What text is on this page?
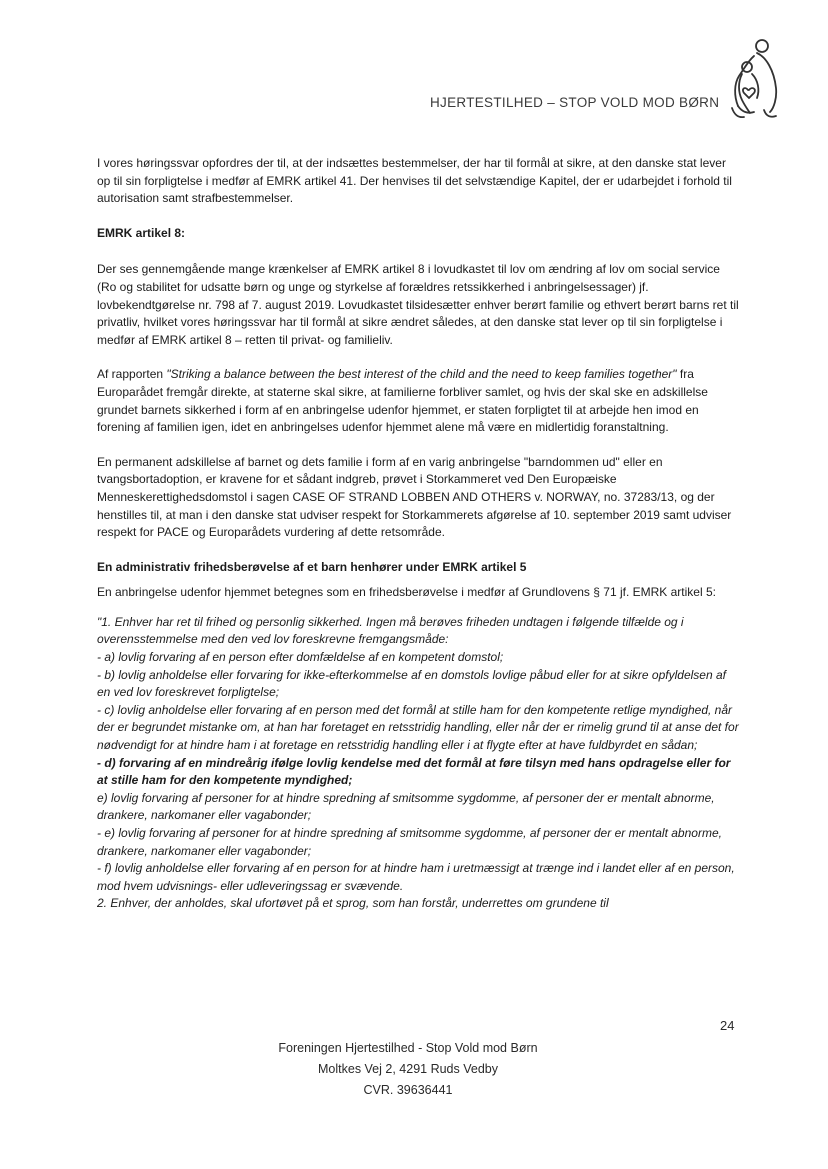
HJERTESTILHED – STOP VOLD MOD BØRN

I vores høringssvar opfordres der til, at der indsættes bestemmelser, der har til formål at sikre, at den danske stat lever op til sin forpligtelse i medfør af EMRK artikel 41. Der henvises til det selvstændige Kapitel, der er udarbejdet i forhold til autorisation samt strafbestemmelser.

EMRK artikel 8:

Der ses gennemgående mange krænkelser af EMRK artikel 8 i lovudkastet til lov om ændring af lov om social service (Ro og stabilitet for udsatte børn og unge og styrkelse af forældres retssikkerhed i anbringelsessager) jf. lovbekendtgørelse nr. 798 af 7. august 2019. Lovudkastet tilsidesætter enhver berørt familie og ethvert berørt barns ret til privatliv, hvilket vores høringssvar har til formål at sikre ændret således, at den danske stat lever op til sin forpligtelse i medfør af EMRK artikel 8 – retten til privat- og familieliv.

Af rapporten "Striking a balance between the best interest of the child and the need to keep families together" fra Europarådet fremgår direkte, at staterne skal sikre, at familierne forbliver samlet, og hvis der skal ske en adskillelse grundet barnets sikkerhed i form af en anbringelse udenfor hjemmet, er staten forpligtet til at arbejde hen imod en forening af familien igen, idet en anbringelses udenfor hjemmet alene må være en midlertidig foranstaltning.

En permanent adskillelse af barnet og dets familie i form af en varig anbringelse "barndommen ud" eller en tvangsbortadoption, er kravene for et sådant indgreb, prøvet i Storkammeret ved Den Europæiske Menneskerettighedsdomstol i sagen CASE OF STRAND LOBBEN AND OTHERS v. NORWAY, no. 37283/13, og der henstilles til, at man i den danske stat udviser respekt for Storkammerets afgørelse af 10. september 2019 samt udviser respekt for PACE og Europarådets vurdering af dette retsområde.

En administrativ frihedsberøvelse af et barn henhører under EMRK artikel 5

En anbringelse udenfor hjemmet betegnes som en frihedsberøvelse i medfør af Grundlovens § 71 jf. EMRK artikel 5:

"1. Enhver har ret til frihed og personlig sikkerhed. Ingen må berøves friheden undtagen i følgende tilfælde og i overensstemmelse med den ved lov foreskrevne fremgangsmåde:
- a) lovlig forvaring af en person efter domfældelse af en kompetent domstol;
- b) lovlig anholdelse eller forvaring for ikke-efterkommelse af en domstols lovlige påbud eller for at sikre opfyldelsen af en ved lov foreskrevet forpligtelse;
- c) lovlig anholdelse eller forvaring af en person med det formål at stille ham for den kompetente retlige myndighed, når der er begrundet mistanke om, at han har foretaget en retsstridig handling, eller når der er rimelig grund til at anse det for nødvendigt for at hindre ham i at foretage en retsstridig handling eller i at flygte efter at have fuldbyrdet en sådan;
- d) forvaring af en mindreårig ifølge lovlig kendelse med det formål at føre tilsyn med hans opdragelse eller for at stille ham for den kompetente myndighed;
e) lovlig forvaring af personer for at hindre spredning af smitsomme sygdomme, af personer der er mentalt abnorme, drankere, narkomaner eller vagabonder;
- e) lovlig forvaring af personer for at hindre spredning af smitsomme sygdomme, af personer der er mentalt abnorme, drankere, narkomaner eller vagabonder;
- f) lovlig anholdelse eller forvaring af en person for at hindre ham i uretmæssigt at trænge ind i landet eller af en person, mod hvem udvisnings- eller udleveringssag er svævende.
2. Enhver, der anholdes, skal ufortøvet på et sprog, som han forstår, underrettes om grundene til
24
Foreningen Hjertestilhed - Stop Vold mod Børn
Moltkes Vej 2, 4291 Ruds Vedby
CVR. 39636441
